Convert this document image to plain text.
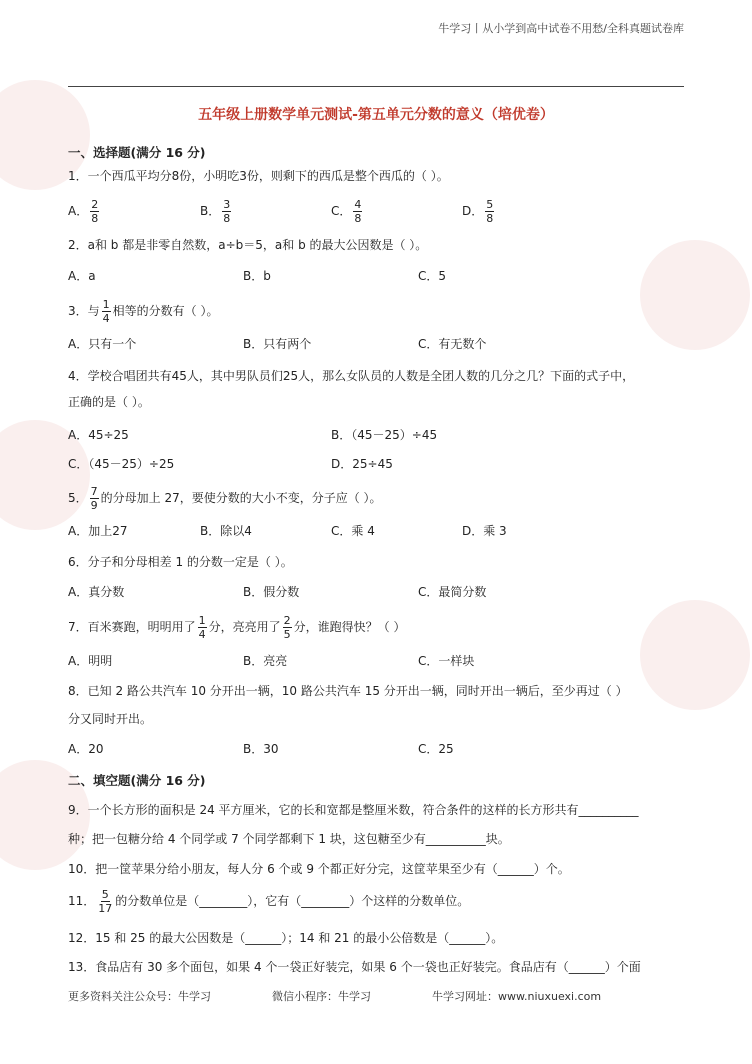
牛学习丨从小学到高中试卷不用愁/全科真题试卷库
五年级上册数学单元测试-第五单元分数的意义（培优卷）
一、选择题(满分 16 分)
1．一个西瓜平均分8份，小明吃3份，则剩下的西瓜是整个西瓜的（ ）。
A． $\frac{2}{8}$	B． $\frac{3}{8}$	C． $\frac{4}{8}$	D． $\frac{5}{8}$
2．a和 b 都是非零自然数，a÷b＝5，a和 b 的最大公因数是（ ）。
A．a	B．b	C．5
3．与 $\frac{1}{4}$ 相等的分数有（ ）。
A．只有一个	B．只有两个	C．有无数个
4．学校合唱团共有45人，其中男队员们25人，那么女队员的人数是全团人数的几分之几？下面的式子中，
正确的是（ ）。
A．45÷25	B．（45－25）÷45
C．（45－25）÷25	D．25÷45
5． $\frac{7}{9}$ 的分母加上 27，要使分数的大小不变，分子应（ ）。
A．加上27	B．除以4	C．乘 4	D．乘 3
6．分子和分母相差 1 的分数一定是（ ）。
A．真分数	B．假分数	C．最简分数
7．百米赛跑，明明用了 $\frac{1}{4}$ 分，亮亮用了 $\frac{2}{5}$ 分，谁跑得快？（ ）
A．明明	B．亮亮	C．一样块
8．已知 2 路公共汽车 10 分开出一辆，10 路公共汽车 15 分开出一辆，同时开出一辆后，至少再过（ ）
分又同时开出。
A．20	B．30	C．25
二、填空题(满分 16 分)
9．一个长方形的面积是 24 平方厘米，它的长和宽都是整厘米数，符合条件的这样的长方形共有__________
种；把一包糖分给 4 个同学或 7 个同学都剩下 1 块，这包糖至少有__________块。
10．把一筐苹果分给小朋友，每人分 6 个或 9 个都正好分完，这筐苹果至少有（______）个。
11． $\frac{5}{17}$ 的分数单位是（________），它有（________）个这样的分数单位。
12．15 和 25 的最大公因数是（______）；14 和 21 的最小公倍数是（______）。
13．食品店有 30 多个面包，如果 4 个一袋正好装完，如果 6 个一袋也正好装完。食品店有（______）个面
更多资料关注公众号：牛学习	微信小程序：牛学习	牛学习网址：www.niuxuexi.com
